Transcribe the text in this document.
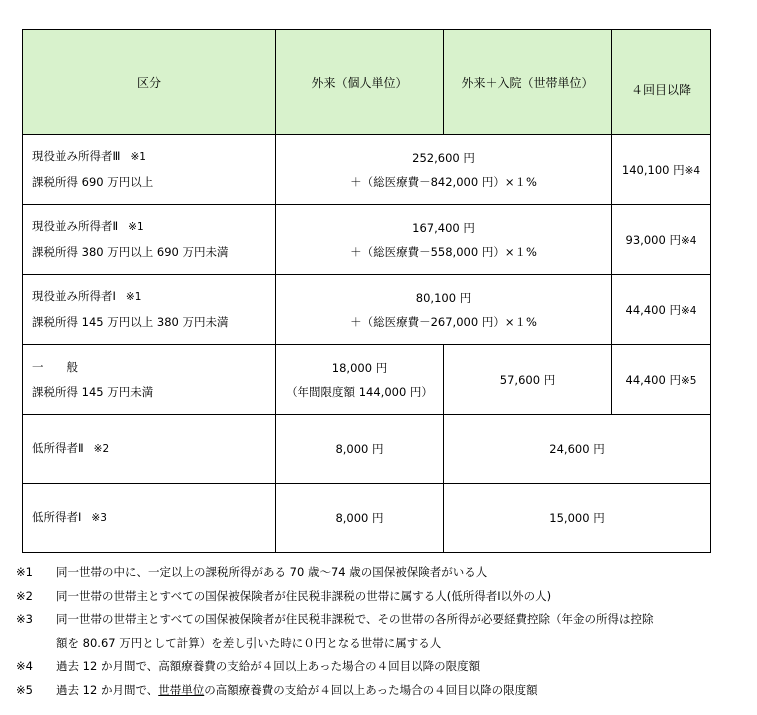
区分	外来（個人単位）	外来＋入院（世帯単位）	４回目以降

現役並み所得者Ⅲ ※1
課税所得 690 万円以上	252,600 円
＋（総医療費－842,000 円）×１%		140,100 円※4

現役並み所得者Ⅱ ※1
課税所得 380 万円以上 690 万円未満	167,400 円
＋（総医療費－558,000 円）×１%		93,000 円※4

現役並み所得者Ⅰ ※1
課税所得 145 万円以上 380 万円未満	80,100 円
＋（総医療費－267,000 円）×１%		44,400 円※4

一　　般
課税所得 145 万円未満	18,000 円
（年間限度額 144,000 円）	57,600 円	44,400 円※5

低所得者Ⅱ ※2	8,000 円	24,600 円	

低所得者Ⅰ ※3	8,000 円	15,000 円	
※1	同一世帯の中に、一定以上の課税所得がある 70 歳～74 歳の国保被保険者がいる人
※2	同一世帯の世帯主とすべての国保被保険者が住民税非課税の世帯に属する人(低所得者Ⅰ以外の人)
※3	同一世帯の世帯主とすべての国保被保険者が住民税非課税で、その世帯の各所得が必要経費控除（年金の所得は控除
額を 80.67 万円として計算）を差し引いた時に０円となる世帯に属する人
※4	過去 12 か月間で、高額療養費の支給が４回以上あった場合の４回目以降の限度額
※5	過去 12 か月間で、世帯単位の高額療養費の支給が４回以上あった場合の４回目以降の限度額
